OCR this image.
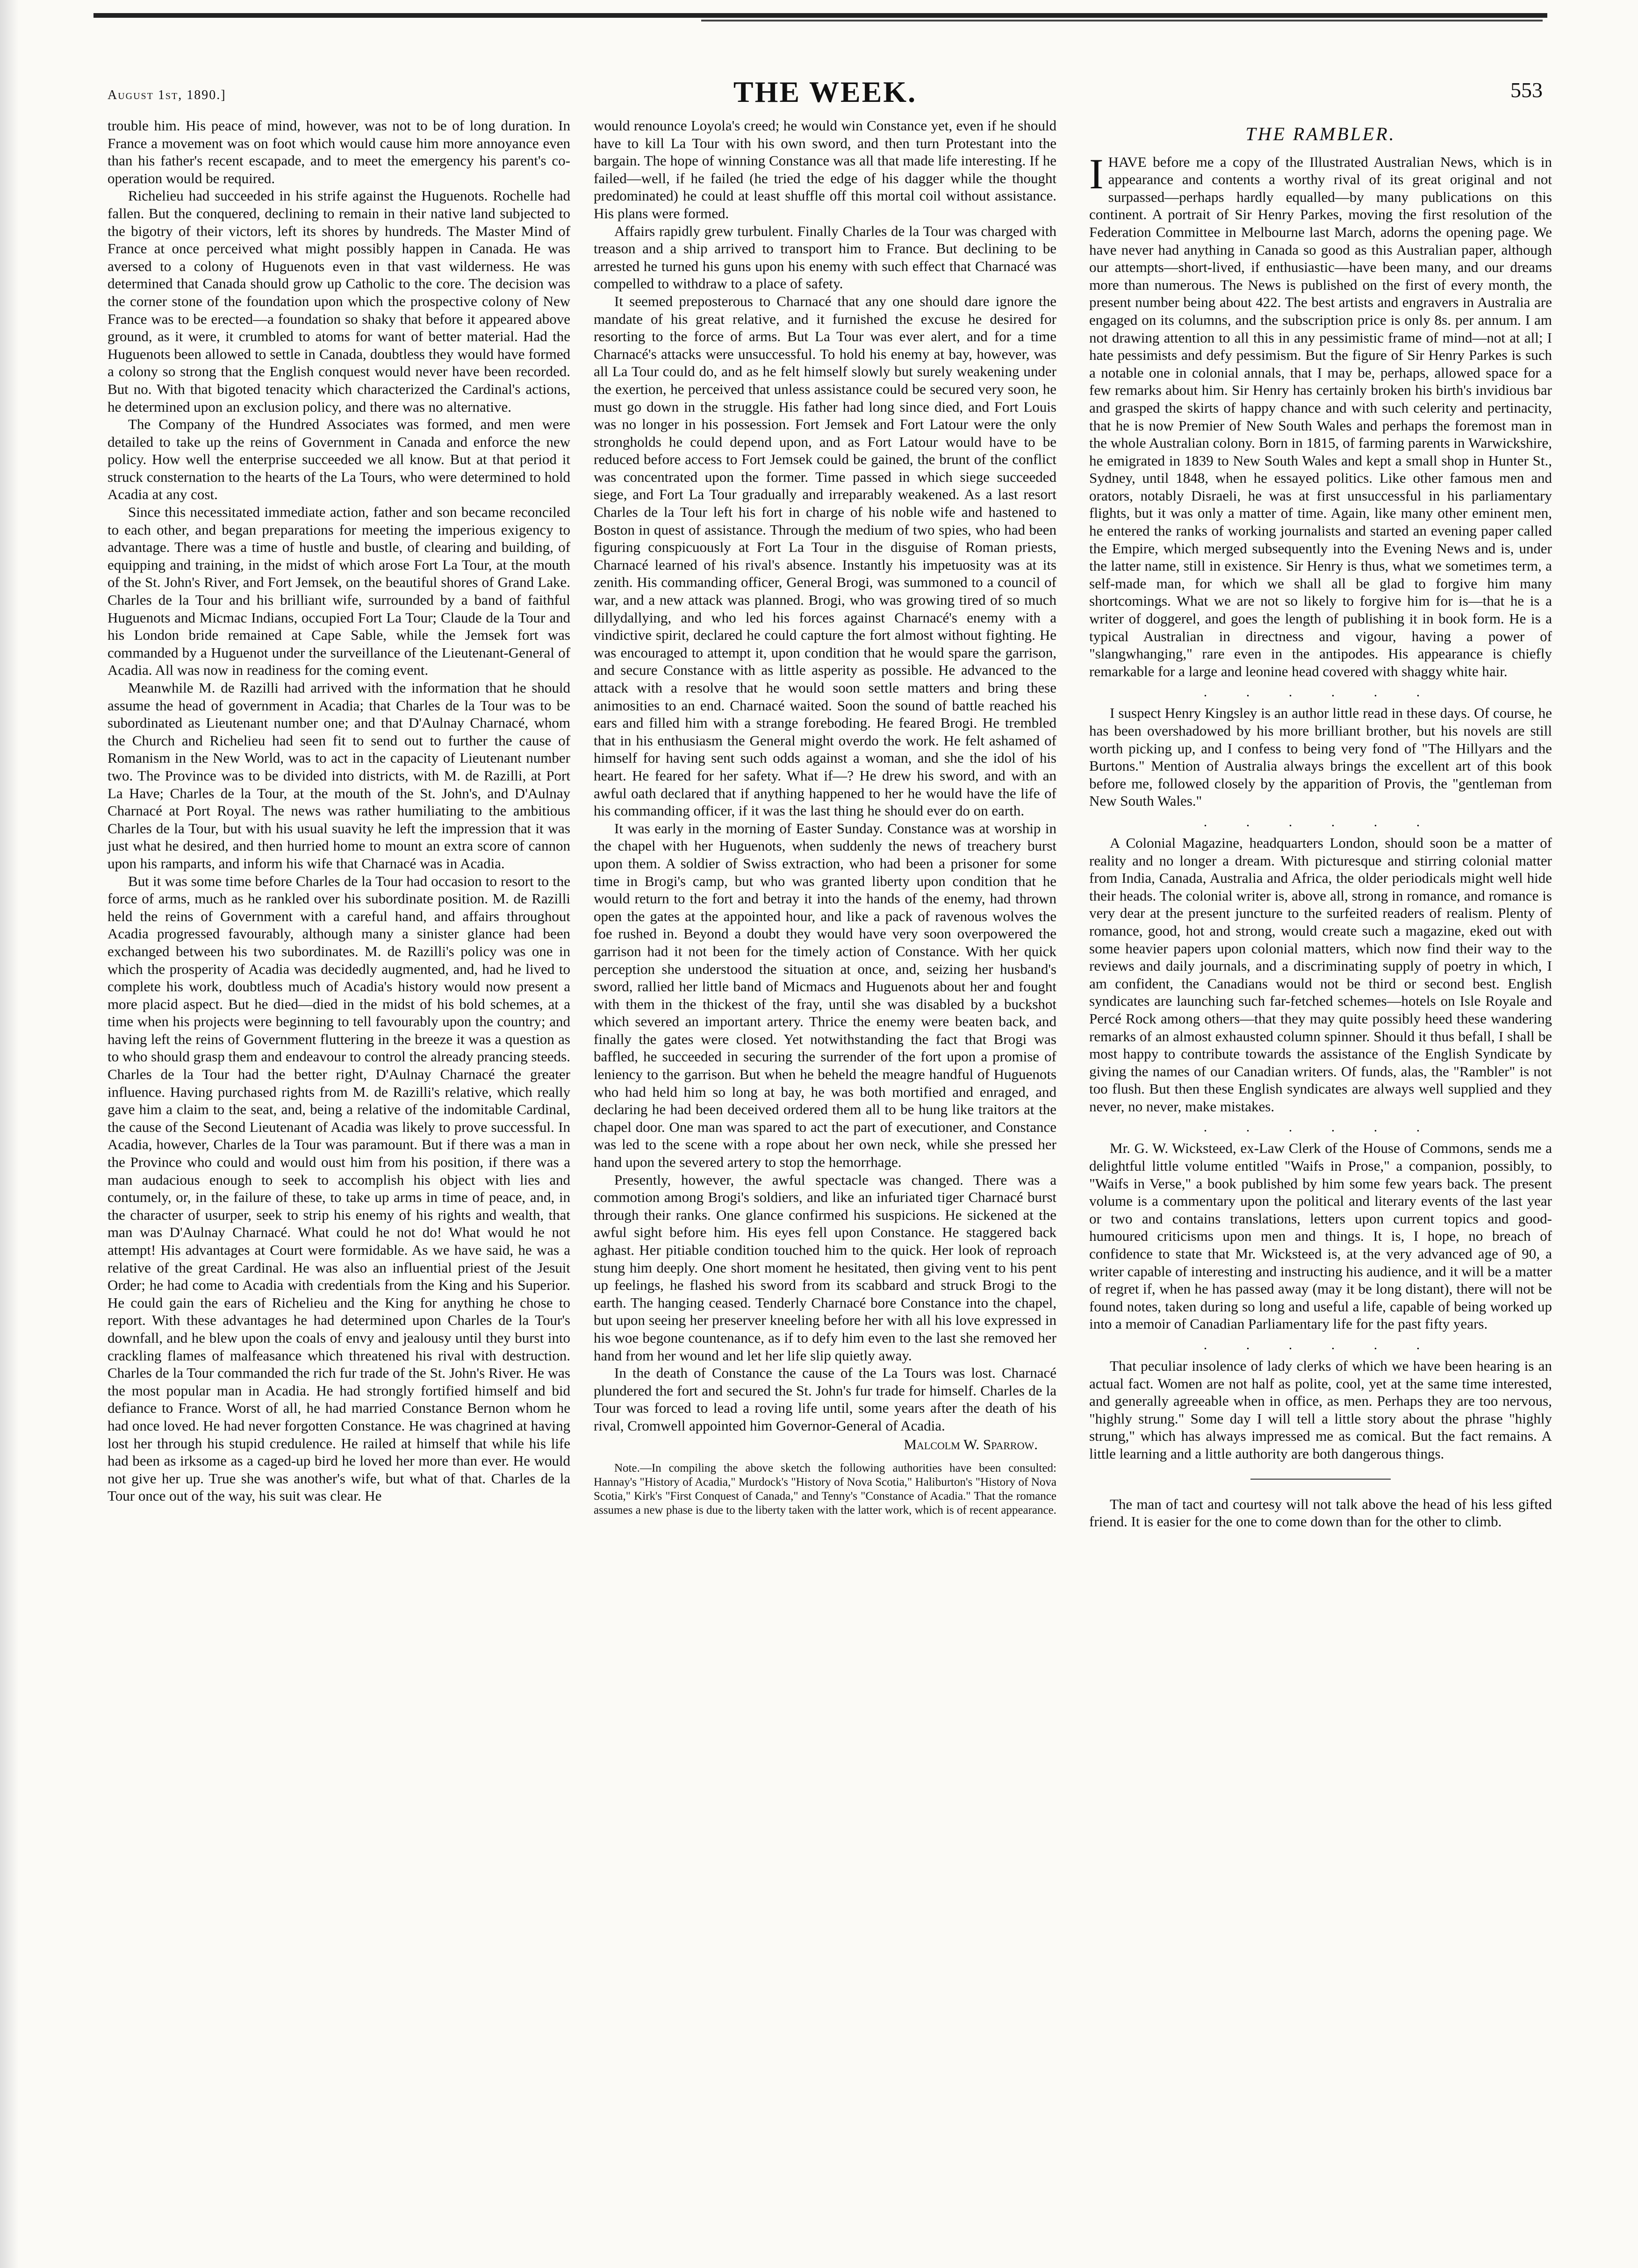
August 1st, 1890.]	THE WEEK.	553

trouble him. His peace of mind, however, was not to be of long duration. In France a movement was on foot which would cause him more annoyance even than his father's recent escapade, and to meet the emergency his parent's co-operation would be required.

Richelieu had succeeded in his strife against the Huguenots. Rochelle had fallen. But the conquered, declining to remain in their native land subjected to the bigotry of their victors, left its shores by hundreds. The Master Mind of France at once perceived what might possibly happen in Canada. He was aversed to a colony of Huguenots even in that vast wilderness. He was determined that Canada should grow up Catholic to the core. The decision was the corner stone of the foundation upon which the prospective colony of New France was to be erected—a foundation so shaky that before it appeared above ground, as it were, it crumbled to atoms for want of better material. Had the Huguenots been allowed to settle in Canada, doubtless they would have formed a colony so strong that the English conquest would never have been recorded. But no. With that bigoted tenacity which characterized the Cardinal's actions, he determined upon an exclusion policy, and there was no alternative.

The Company of the Hundred Associates was formed, and men were detailed to take up the reins of Government in Canada and enforce the new policy. How well the enterprise succeeded we all know. But at that period it struck consternation to the hearts of the La Tours, who were determined to hold Acadia at any cost.

Since this necessitated immediate action, father and son became reconciled to each other, and began preparations for meeting the imperious exigency to advantage. There was a time of hustle and bustle, of clearing and building, of equipping and training, in the midst of which arose Fort La Tour, at the mouth of the St. John's River, and Fort Jemsek, on the beautiful shores of Grand Lake. Charles de la Tour and his brilliant wife, surrounded by a band of faithful Huguenots and Micmac Indians, occupied Fort La Tour; Claude de la Tour and his London bride remained at Cape Sable, while the Jemsek fort was commanded by a Huguenot under the surveillance of the Lieutenant-General of Acadia. All was now in readiness for the coming event.

Meanwhile M. de Razilli had arrived with the information that he should assume the head of government in Acadia; that Charles de la Tour was to be subordinated as Lieutenant number one; and that D'Aulnay Charnacé, whom the Church and Richelieu had seen fit to send out to further the cause of Romanism in the New World, was to act in the capacity of Lieutenant number two. The Province was to be divided into districts, with M. de Razilli, at Port La Have; Charles de la Tour, at the mouth of the St. John's, and D'Aulnay Charnacé at Port Royal. The news was rather humiliating to the ambitious Charles de la Tour, but with his usual suavity he left the impression that it was just what he desired, and then hurried home to mount an extra score of cannon upon his ramparts, and inform his wife that Charnacé was in Acadia.

But it was some time before Charles de la Tour had occasion to resort to the force of arms, much as he rankled over his subordinate position. M. de Razilli held the reins of Government with a careful hand, and affairs throughout Acadia progressed favourably, although many a sinister glance had been exchanged between his two subordinates. M. de Razilli's policy was one in which the prosperity of Acadia was decidedly augmented, and, had he lived to complete his work, doubtless much of Acadia's history would now present a more placid aspect. But he died—died in the midst of his bold schemes, at a time when his projects were beginning to tell favourably upon the country; and having left the reins of Government fluttering in the breeze it was a question as to who should grasp them and endeavour to control the already prancing steeds. Charles de la Tour had the better right, D'Aulnay Charnacé the greater influence. Having purchased rights from M. de Razilli's relative, which really gave him a claim to the seat, and, being a relative of the indomitable Cardinal, the cause of the Second Lieutenant of Acadia was likely to prove successful. In Acadia, however, Charles de la Tour was paramount. But if there was a man in the Province who could and would oust him from his position, if there was a man audacious enough to seek to accomplish his object with lies and contumely, or, in the failure of these, to take up arms in time of peace, and, in the character of usurper, seek to strip his enemy of his rights and wealth, that man was D'Aulnay Charnacé. What could he not do! What would he not attempt! His advantages at Court were formidable. As we have said, he was a relative of the great Cardinal. He was also an influential priest of the Jesuit Order; he had come to Acadia with credentials from the King and his Superior. He could gain the ears of Richelieu and the King for anything he chose to report. With these advantages he had determined upon Charles de la Tour's downfall, and he blew upon the coals of envy and jealousy until they burst into crackling flames of malfeasance which threatened his rival with destruction. Charles de la Tour commanded the rich fur trade of the St. John's River. He was the most popular man in Acadia. He had strongly fortified himself and bid defiance to France. Worst of all, he had married Constance Bernon whom he had once loved. He had never forgotten Constance. He was chagrined at having lost her through his stupid credulence. He railed at himself that while his life had been as irksome as a caged-up bird he loved her more than ever. He would not give her up. True she was another's wife, but what of that. Charles de la Tour once out of the way, his suit was clear. He

would renounce Loyola's creed; he would win Constance yet, even if he should have to kill La Tour with his own sword, and then turn Protestant into the bargain. The hope of winning Constance was all that made life interesting. If he failed—well, if he failed (he tried the edge of his dagger while the thought predominated) he could at least shuffle off this mortal coil without assistance. His plans were formed.

Affairs rapidly grew turbulent. Finally Charles de la Tour was charged with treason and a ship arrived to transport him to France. But declining to be arrested he turned his guns upon his enemy with such effect that Charnacé was compelled to withdraw to a place of safety.

It seemed preposterous to Charnacé that any one should dare ignore the mandate of his great relative, and it furnished the excuse he desired for resorting to the force of arms. But La Tour was ever alert, and for a time Charnacé's attacks were unsuccessful. To hold his enemy at bay, however, was all La Tour could do, and as he felt himself slowly but surely weakening under the exertion, he perceived that unless assistance could be secured very soon, he must go down in the struggle. His father had long since died, and Fort Louis was no longer in his possession. Fort Jemsek and Fort Latour were the only strongholds he could depend upon, and as Fort Latour would have to be reduced before access to Fort Jemsek could be gained, the brunt of the conflict was concentrated upon the former. Time passed in which siege succeeded siege, and Fort La Tour gradually and irreparably weakened. As a last resort Charles de la Tour left his fort in charge of his noble wife and hastened to Boston in quest of assistance. Through the medium of two spies, who had been figuring conspicuously at Fort La Tour in the disguise of Roman priests, Charnacé learned of his rival's absence. Instantly his impetuosity was at its zenith. His commanding officer, General Brogi, was summoned to a council of war, and a new attack was planned. Brogi, who was growing tired of so much dillydallying, and who led his forces against Charnacé's enemy with a vindictive spirit, declared he could capture the fort almost without fighting. He was encouraged to attempt it, upon condition that he would spare the garrison, and secure Constance with as little asperity as possible. He advanced to the attack with a resolve that he would soon settle matters and bring these animosities to an end. Charnacé waited. Soon the sound of battle reached his ears and filled him with a strange foreboding. He feared Brogi. He trembled that in his enthusiasm the General might overdo the work. He felt ashamed of himself for having sent such odds against a woman, and she the idol of his heart. He feared for her safety. What if—? He drew his sword, and with an awful oath declared that if anything happened to her he would have the life of his commanding officer, if it was the last thing he should ever do on earth.

It was early in the morning of Easter Sunday. Constance was at worship in the chapel with her Huguenots, when suddenly the news of treachery burst upon them. A soldier of Swiss extraction, who had been a prisoner for some time in Brogi's camp, but who was granted liberty upon condition that he would return to the fort and betray it into the hands of the enemy, had thrown open the gates at the appointed hour, and like a pack of ravenous wolves the foe rushed in. Beyond a doubt they would have very soon overpowered the garrison had it not been for the timely action of Constance. With her quick perception she understood the situation at once, and, seizing her husband's sword, rallied her little band of Micmacs and Huguenots about her and fought with them in the thickest of the fray, until she was disabled by a buckshot which severed an important artery. Thrice the enemy were beaten back, and finally the gates were closed. Yet notwithstanding the fact that Brogi was baffled, he succeeded in securing the surrender of the fort upon a promise of leniency to the garrison. But when he beheld the meagre handful of Huguenots who had held him so long at bay, he was both mortified and enraged, and declaring he had been deceived ordered them all to be hung like traitors at the chapel door. One man was spared to act the part of executioner, and Constance was led to the scene with a rope about her own neck, while she pressed her hand upon the severed artery to stop the hemorrhage.

Presently, however, the awful spectacle was changed. There was a commotion among Brogi's soldiers, and like an infuriated tiger Charnacé burst through their ranks. One glance confirmed his suspicions. He sickened at the awful sight before him. His eyes fell upon Constance. He staggered back aghast. Her pitiable condition touched him to the quick. Her look of reproach stung him deeply. One short moment he hesitated, then giving vent to his pent up feelings, he flashed his sword from its scabbard and struck Brogi to the earth. The hanging ceased. Tenderly Charnacé bore Constance into the chapel, but upon seeing her preserver kneeling before her with all his love expressed in his woe begone countenance, as if to defy him even to the last she removed her hand from her wound and let her life slip quietly away.

In the death of Constance the cause of the La Tours was lost. Charnacé plundered the fort and secured the St. John's fur trade for himself. Charles de la Tour was forced to lead a roving life until, some years after the death of his rival, Cromwell appointed him Governor-General of Acadia.

Malcolm W. Sparrow.

Note.—In compiling the above sketch the following authorities have been consulted: Hannay's "History of Acadia," Murdock's "History of Nova Scotia," Haliburton's "History of Nova Scotia," Kirk's "First Conquest of Canada," and Tenny's "Constance of Acadia." That the romance assumes a new phase is due to the liberty taken with the latter work, which is of recent appearance.

THE RAMBLER.

IHAVE before me a copy of the Illustrated Australian News, which is in appearance and contents a worthy rival of its great original and not surpassed—perhaps hardly equalled—by many publications on this continent. A portrait of Sir Henry Parkes, moving the first resolution of the Federation Committee in Melbourne last March, adorns the opening page. We have never had anything in Canada so good as this Australian paper, although our attempts—short-lived, if enthusiastic—have been many, and our dreams more than numerous. The News is published on the first of every month, the present number being about 422. The best artists and engravers in Australia are engaged on its columns, and the subscription price is only 8s. per annum. I am not drawing attention to all this in any pessimistic frame of mind—not at all; I hate pessimists and defy pessimism. But the figure of Sir Henry Parkes is such a notable one in colonial annals, that I may be, perhaps, allowed space for a few remarks about him. Sir Henry has certainly broken his birth's invidious bar and grasped the skirts of happy chance and with such celerity and pertinacity, that he is now Premier of New South Wales and perhaps the foremost man in the whole Australian colony. Born in 1815, of farming parents in Warwickshire, he emigrated in 1839 to New South Wales and kept a small shop in Hunter St., Sydney, until 1848, when he essayed politics. Like other famous men and orators, notably Disraeli, he was at first unsuccessful in his parliamentary flights, but it was only a matter of time. Again, like many other eminent men, he entered the ranks of working journalists and started an evening paper called the Empire, which merged subsequently into the Evening News and is, under the latter name, still in existence. Sir Henry is thus, what we sometimes term, a self-made man, for which we shall all be glad to forgive him many shortcomings. What we are not so likely to forgive him for is—that he is a writer of doggerel, and goes the length of publishing it in book form. He is a typical Australian in directness and vigour, having a power of "slangwhanging," rare even in the antipodes. His appearance is chiefly remarkable for a large and leonine head covered with shaggy white hair.

. . . . . .

I suspect Henry Kingsley is an author little read in these days. Of course, he has been overshadowed by his more brilliant brother, but his novels are still worth picking up, and I confess to being very fond of "The Hillyars and the Burtons." Mention of Australia always brings the excellent art of this book before me, followed closely by the apparition of Provis, the "gentleman from New South Wales."

. . . . . .

A Colonial Magazine, headquarters London, should soon be a matter of reality and no longer a dream. With picturesque and stirring colonial matter from India, Canada, Australia and Africa, the older periodicals might well hide their heads. The colonial writer is, above all, strong in romance, and romance is very dear at the present juncture to the surfeited readers of realism. Plenty of romance, good, hot and strong, would create such a magazine, eked out with some heavier papers upon colonial matters, which now find their way to the reviews and daily journals, and a discriminating supply of poetry in which, I am confident, the Canadians would not be third or second best. English syndicates are launching such far-fetched schemes—hotels on Isle Royale and Percé Rock among others—that they may quite possibly heed these wandering remarks of an almost exhausted column spinner. Should it thus befall, I shall be most happy to contribute towards the assistance of the English Syndicate by giving the names of our Canadian writers. Of funds, alas, the "Rambler" is not too flush. But then these English syndicates are always well supplied and they never, no never, make mistakes.

. . . . . .

Mr. G. W. Wicksteed, ex-Law Clerk of the House of Commons, sends me a delightful little volume entitled "Waifs in Prose," a companion, possibly, to "Waifs in Verse," a book published by him some few years back. The present volume is a commentary upon the political and literary events of the last year or two and contains translations, letters upon current topics and good-humoured criticisms upon men and things. It is, I hope, no breach of confidence to state that Mr. Wicksteed is, at the very advanced age of 90, a writer capable of interesting and instructing his audience, and it will be a matter of regret if, when he has passed away (may it be long distant), there will not be found notes, taken during so long and useful a life, capable of being worked up into a memoir of Canadian Parliamentary life for the past fifty years.

. . . . . .

That peculiar insolence of lady clerks of which we have been hearing is an actual fact. Women are not half as polite, cool, yet at the same time interested, and generally agreeable when in office, as men. Perhaps they are too nervous, "highly strung." Some day I will tell a little story about the phrase "highly strung," which has always impressed me as comical. But the fact remains. A little learning and a little authority are both dangerous things.

The man of tact and courtesy will not talk above the head of his less gifted friend. It is easier for the one to come down than for the other to climb.
